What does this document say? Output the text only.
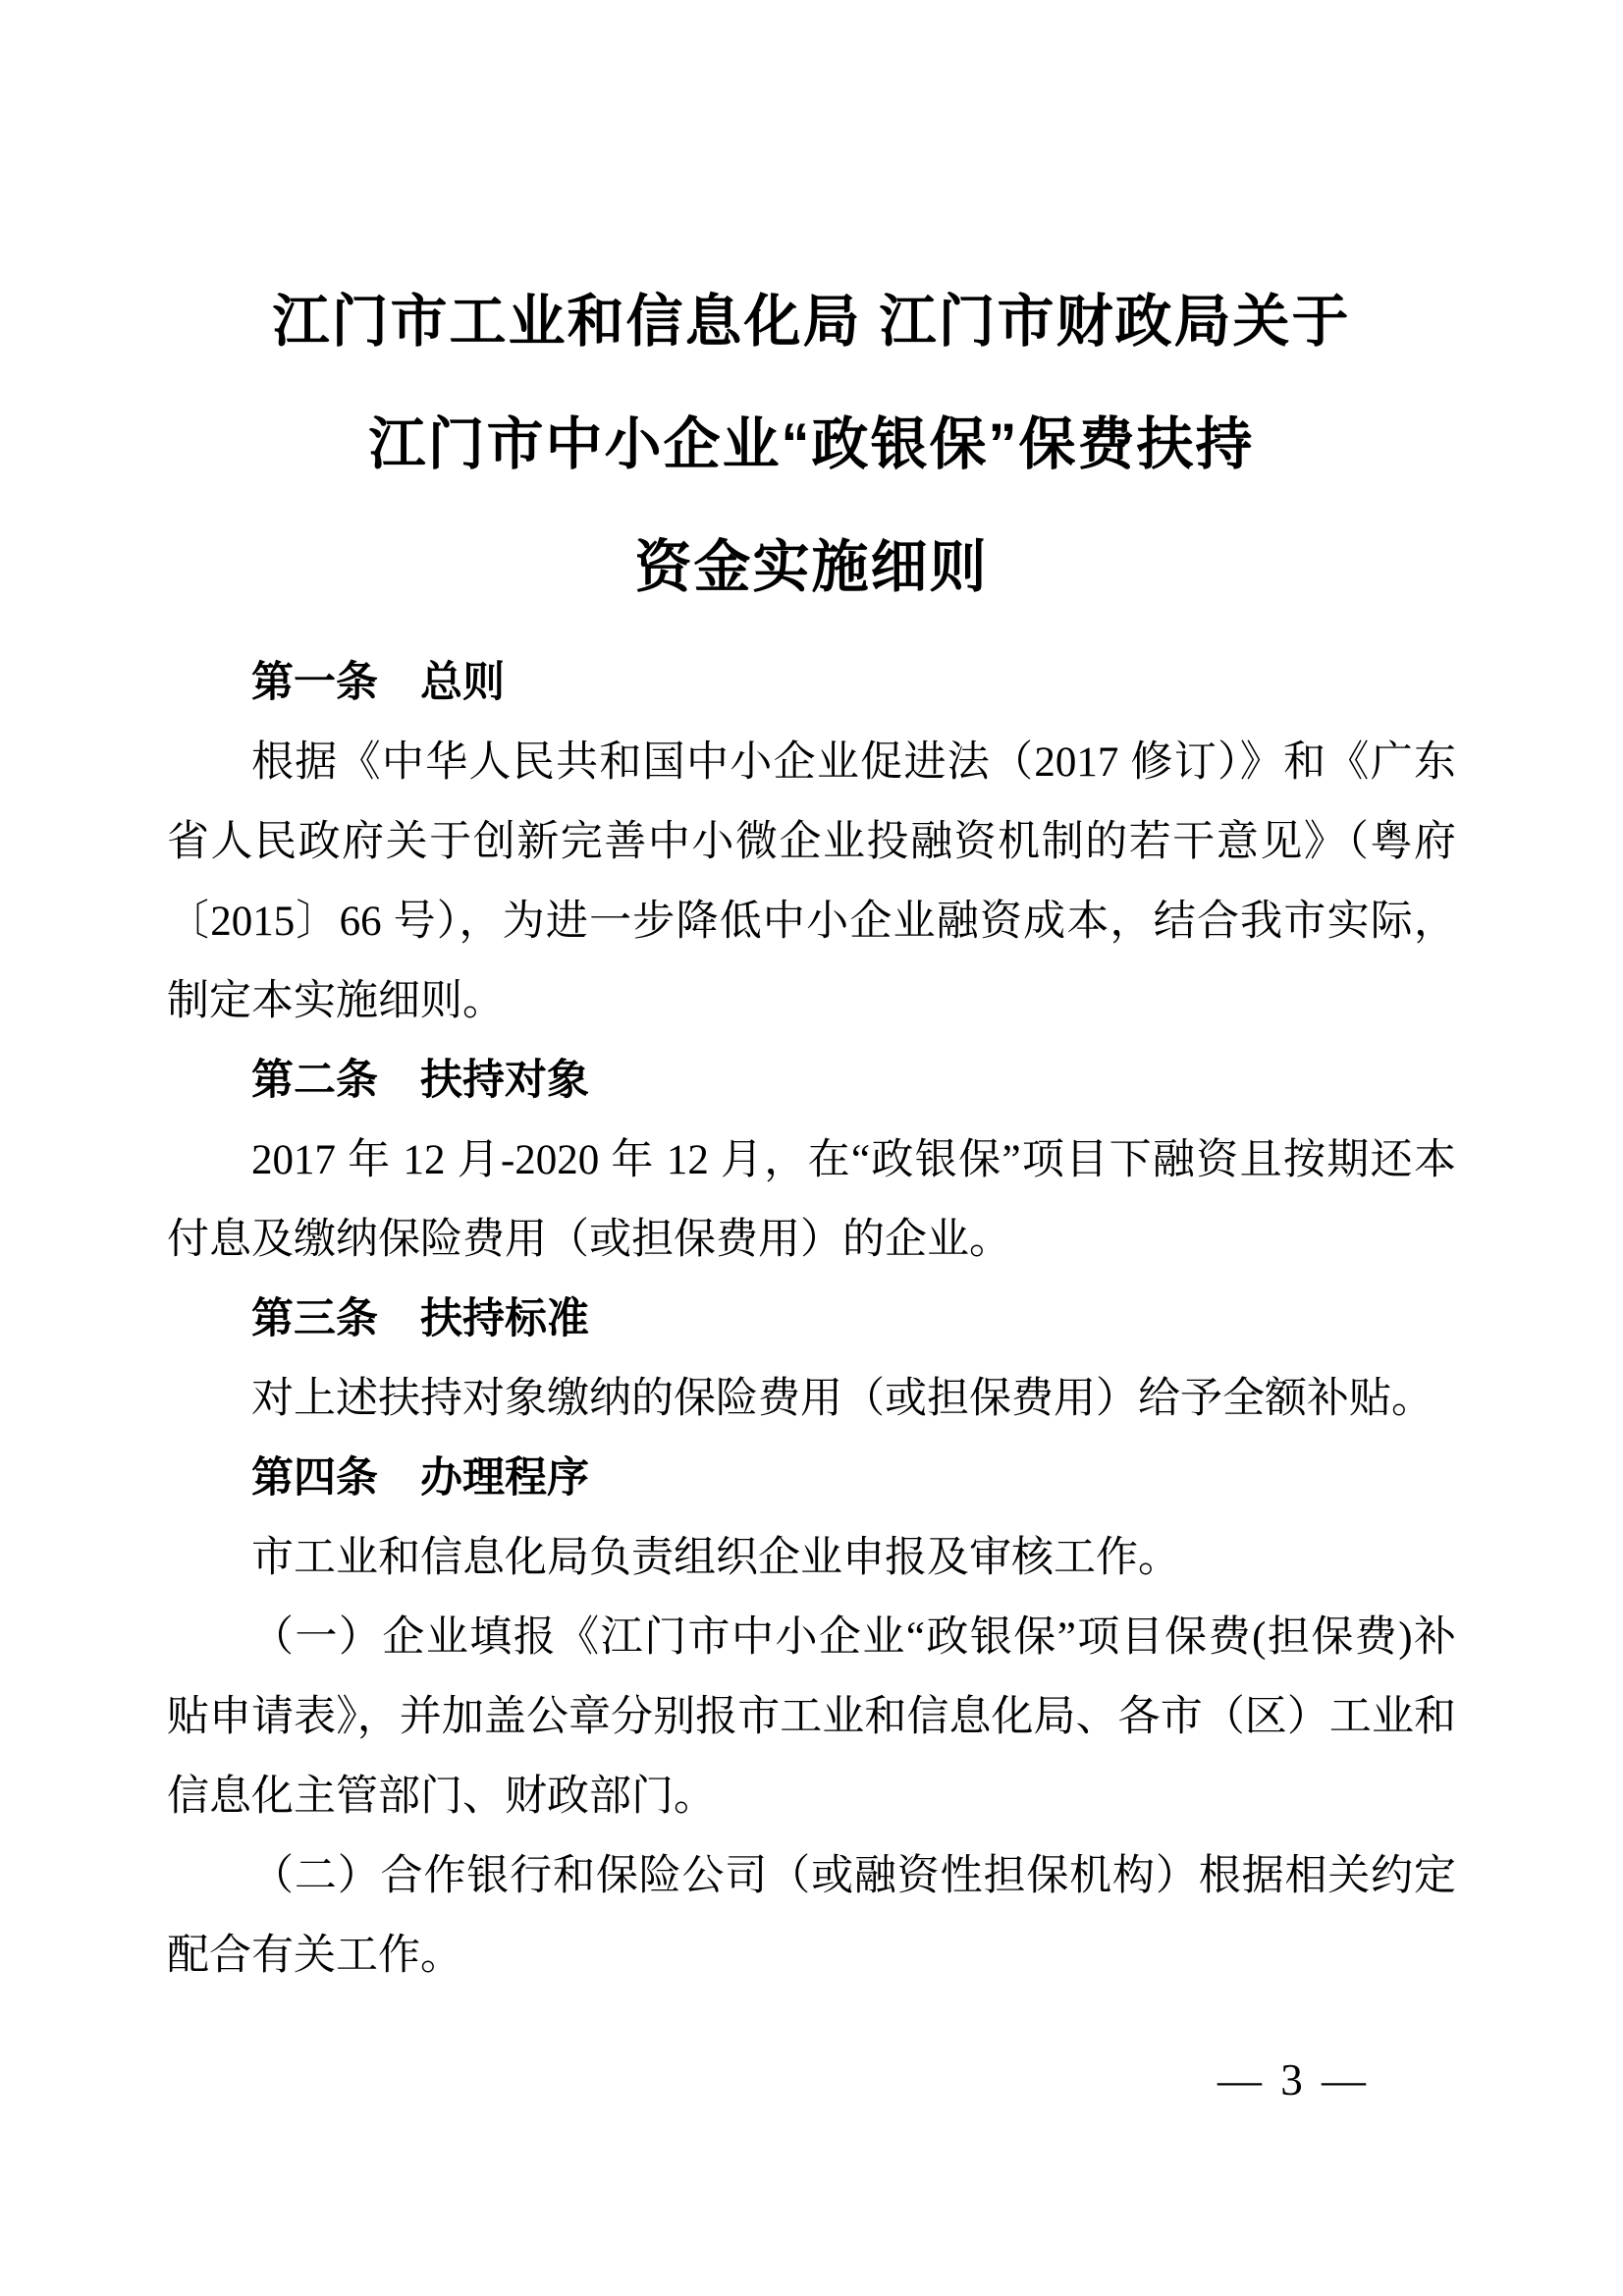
江门市工业和信息化局 江门市财政局关于
江门市中小企业“政银保”保费扶持
资金实施细则
第一条　总则

根据《中华人民共和国中小企业促进法（2017 修订）》和《广东省人民政府关于创新完善中小微企业投融资机制的若干意见》（粤府〔2015〕66 号），为进一步降低中小企业融资成本，结合我市实际，制定本实施细则。

第二条　扶持对象

2017 年 12 月-2020 年 12 月，在“政银保”项目下融资且按期还本付息及缴纳保险费用（或担保费用）的企业。

第三条　扶持标准

对上述扶持对象缴纳的保险费用（或担保费用）给予全额补贴。

第四条　办理程序

市工业和信息化局负责组织企业申报及审核工作。

（一）企业填报《江门市中小企业“政银保”项目保费(担保费)补贴申请表》，并加盖公章分别报市工业和信息化局、各市（区）工业和信息化主管部门、财政部门。

（二）合作银行和保险公司（或融资性担保机构）根据相关约定配合有关工作。

— 3 —
